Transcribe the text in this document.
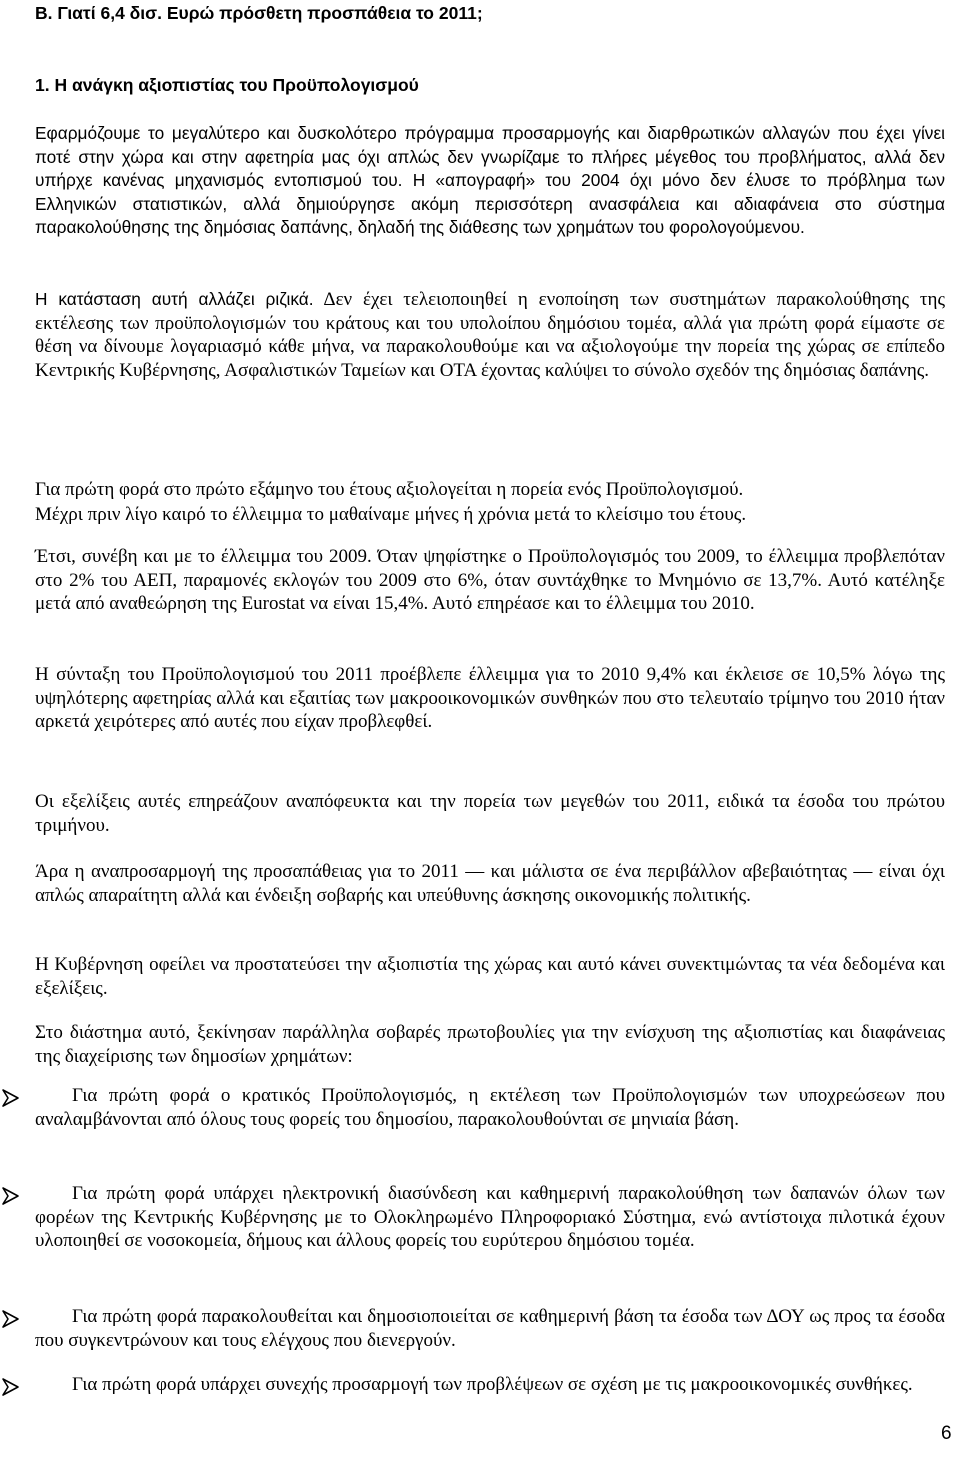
B. Γιατί 6,4 δισ. Ευρώ πρόσθετη προσπάθεια το 2011;

1. Η ανάγκη αξιοπιστίας του Προϋπολογισμού

Εφαρμόζουμε το μεγαλύτερο και δυσκολότερο πρόγραμμα προσαρμογής και διαρθρωτικών αλλαγών που έχει γίνει ποτέ στην χώρα και στην αφετηρία μας όχι απλώς δεν γνωρίζαμε το πλήρες μέγεθος του προβλήματος, αλλά δεν υπήρχε κανένας μηχανισμός εντοπισμού του. Η «απογραφή» του 2004 όχι μόνο δεν έλυσε το πρόβλημα των Ελληνικών στατιστικών, αλλά δημιούργησε ακόμη περισσότερη ανασφάλεια και αδιαφάνεια στο σύστημα παρακολούθησης της δημόσιας δαπάνης, δηλαδή της διάθεσης των χρημάτων του φορολογούμενου.

Η κατάσταση αυτή αλλάζει ριζικά. Δεν έχει τελειοποιηθεί η ενοποίηση των συστημάτων παρακολούθησης της εκτέλεσης των προϋπολογισμών του κράτους και του υπολοίπου δημόσιου τομέα, αλλά για πρώτη φορά είμαστε σε θέση να δίνουμε λογαριασμό κάθε μήνα, να παρακολουθούμε και να αξιολογούμε την πορεία της χώρας σε επίπεδο Κεντρικής Κυβέρνησης, Ασφαλιστικών Ταμείων και ΟΤΑ έχοντας καλύψει το σύνολο σχεδόν της δημόσιας δαπάνης.

Για πρώτη φορά στο πρώτο εξάμηνο του έτους αξιολογείται η πορεία ενός Προϋπολογισμού.

Μέχρι πριν λίγο καιρό το έλλειμμα το μαθαίναμε μήνες ή χρόνια μετά το κλείσιμο του έτους.

Έτσι, συνέβη και με το έλλειμμα του 2009. Όταν ψηφίστηκε ο Προϋπολογισμός του 2009, το έλλειμμα προβλεπόταν στο 2% του ΑΕΠ, παραμονές εκλογών του 2009 στο 6%, όταν συντάχθηκε το Μνημόνιο σε 13,7%. Αυτό κατέληξε μετά από αναθεώρηση της Eurostat να είναι 15,4%. Αυτό επηρέασε και το έλλειμμα του 2010.

Η σύνταξη του Προϋπολογισμού του 2011 προέβλεπε έλλειμμα για το 2010 9,4% και έκλεισε σε 10,5% λόγω της υψηλότερης αφετηρίας αλλά και εξαιτίας των μακροοικονομικών συνθηκών που στο τελευταίο τρίμηνο του 2010 ήταν αρκετά χειρότερες από αυτές που είχαν προβλεφθεί.

Οι εξελίξεις αυτές επηρεάζουν αναπόφευκτα και την πορεία των μεγεθών του 2011, ειδικά τα έσοδα του πρώτου τριμήνου.

Άρα η αναπροσαρμογή της προσαπάθειας για το 2011 — και μάλιστα σε ένα περιβάλλον αβεβαιότητας — είναι όχι απλώς απαραίτητη αλλά και ένδειξη σοβαρής και υπεύθυνης άσκησης οικονομικής πολιτικής.

Η Κυβέρνηση οφείλει να προστατεύσει την αξιοπιστία της χώρας και αυτό κάνει συνεκτιμώντας τα νέα δεδομένα και εξελίξεις.

Στο διάστημα αυτό, ξεκίνησαν παράλληλα σοβαρές πρωτοβουλίες για την ενίσχυση της αξιοπιστίας και διαφάνειας της διαχείρισης των δημοσίων χρημάτων:

Για πρώτη φορά ο κρατικός Προϋπολογισμός, η εκτέλεση των Προϋπολογισμών των υποχρεώσεων που αναλαμβάνονται από όλους τους φορείς του δημοσίου, παρακολουθούνται σε μηνιαία βάση.

Για πρώτη φορά υπάρχει ηλεκτρονική διασύνδεση και καθημερινή παρακολούθηση των δαπανών όλων των φορέων της Κεντρικής Κυβέρνησης με το Ολοκληρωμένο Πληροφοριακό Σύστημα, ενώ αντίστοιχα πιλοτικά έχουν υλοποιηθεί σε νοσοκομεία, δήμους και άλλους φορείς του ευρύτερου δημόσιου τομέα.

Για πρώτη φορά παρακολουθείται και δημοσιοποιείται σε καθημερινή βάση τα έσοδα των ΔΟΥ ως προς τα έσοδα που συγκεντρώνουν και τους ελέγχους που διενεργούν.

Για πρώτη φορά υπάρχει συνεχής προσαρμογή των προβλέψεων σε σχέση με τις μακροοικονομικές συνθήκες.

6
